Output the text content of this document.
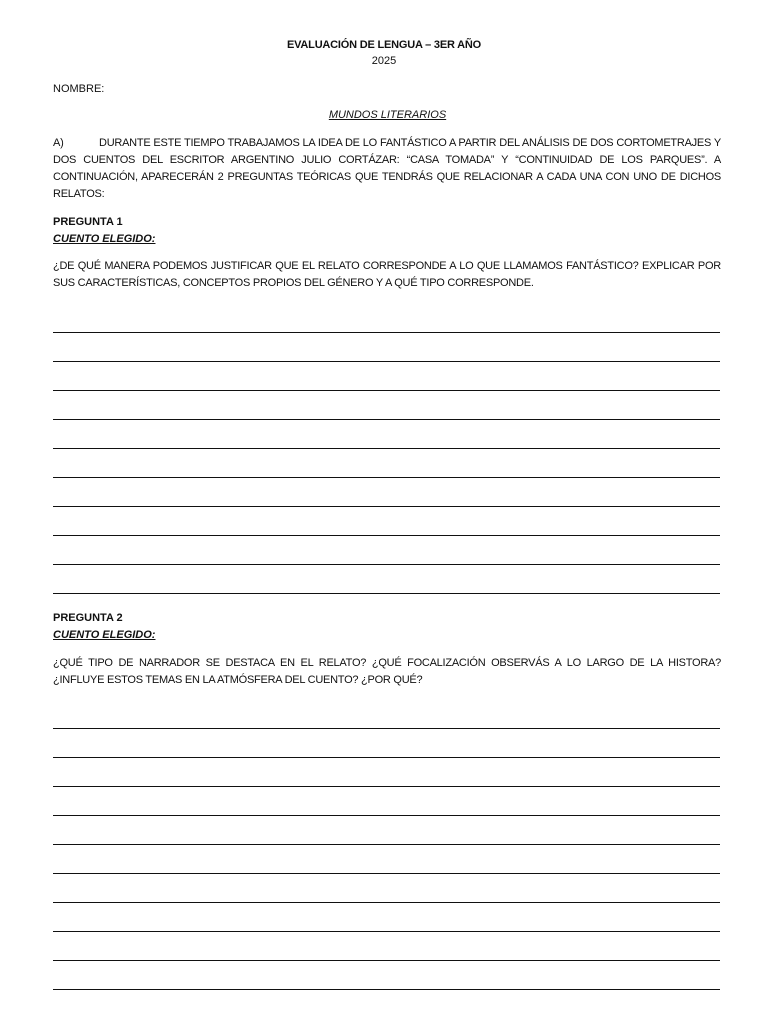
EVALUACIÓN DE LENGUA – 3ER AÑO
2025
NOMBRE:
MUNDOS LITERARIOS
A)	DURANTE ESTE TIEMPO TRABAJAMOS LA IDEA DE LO FANTÁSTICO A PARTIR DEL ANÁLISIS DE DOS CORTOMETRAJES Y DOS CUENTOS DEL ESCRITOR ARGENTINO JULIO CORTÁZAR: “CASA TOMADA” Y “CONTINUIDAD DE LOS PARQUES”. A CONTINUACIÓN, APARECERÁN 2 PREGUNTAS TEÓRICAS QUE TENDRÁS QUE RELACIONAR A CADA UNA CON UNO DE DICHOS RELATOS:
PREGUNTA 1
CUENTO ELEGIDO:
¿DE QUÉ MANERA PODEMOS JUSTIFICAR QUE EL RELATO CORRESPONDE A LO QUE LLAMAMOS FANTÁSTICO? EXPLICAR POR SUS CARACTERÍSTICAS, CONCEPTOS PROPIOS DEL GÉNERO Y A QUÉ TIPO CORRESPONDE.
PREGUNTA 2
CUENTO ELEGIDO:
¿QUÉ TIPO DE NARRADOR SE DESTACA EN EL RELATO? ¿QUÉ FOCALIZACIÓN OBSERVÁS A LO LARGO DE LA HISTORA? ¿INFLUYE ESTOS TEMAS EN LA ATMÓSFERA DEL CUENTO? ¿POR QUÉ?
